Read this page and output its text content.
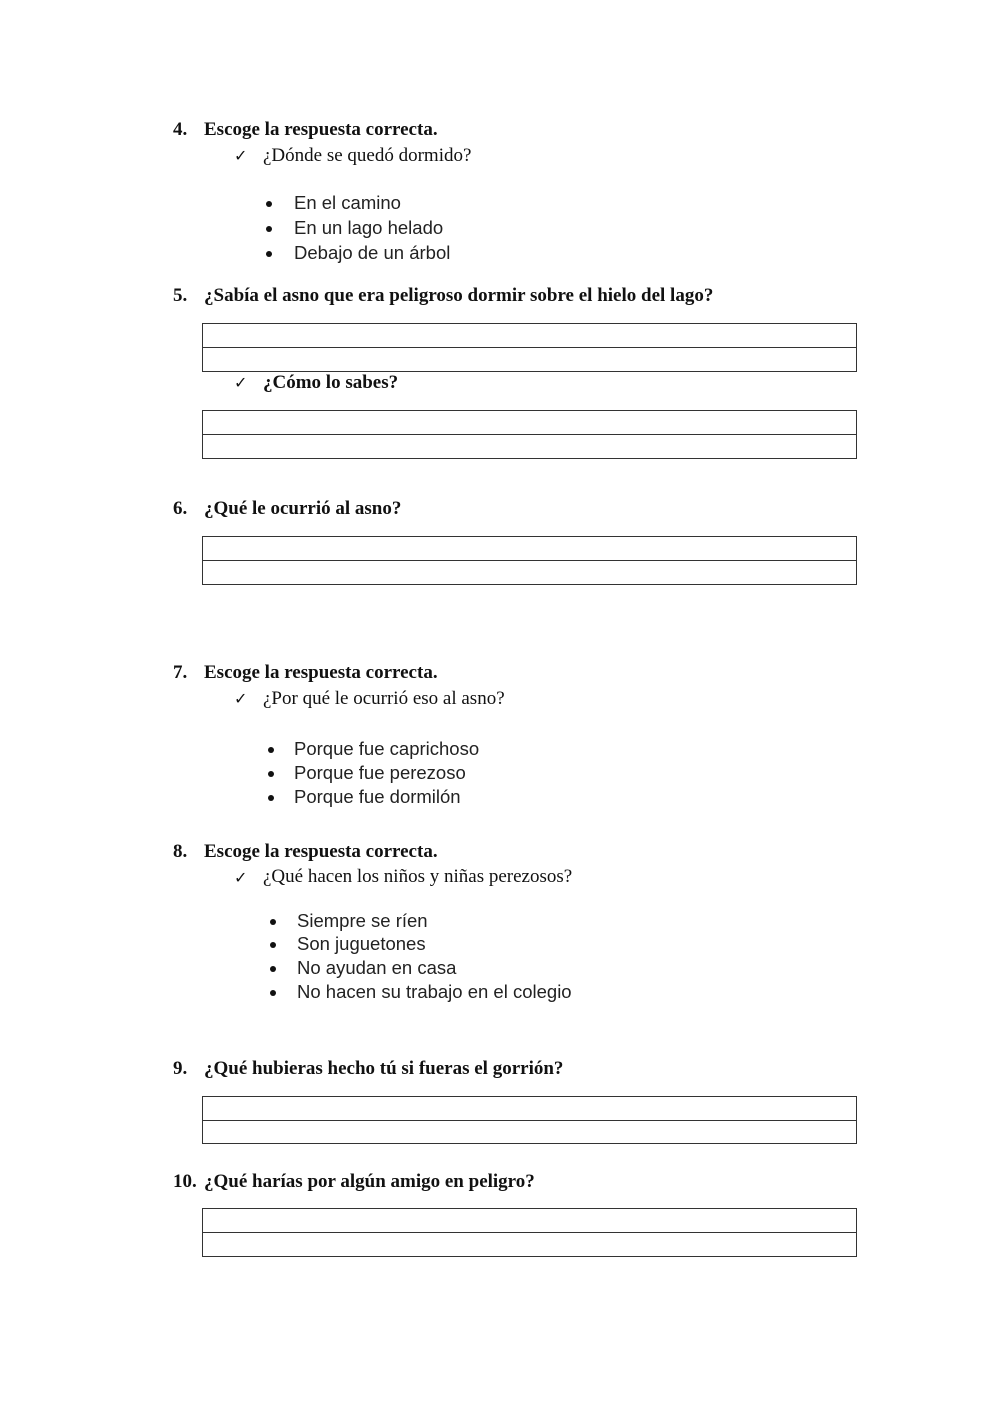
4. Escoge la respuesta correcta.
✓ ¿Dónde se quedó dormido?
En el camino
En un lago helado
Debajo de un árbol
5. ¿Sabía el asno que era peligroso dormir sobre el hielo del lago?
✓ ¿Cómo lo sabes?
6. ¿Qué le ocurrió al asno?
7. Escoge la respuesta correcta.
✓ ¿Por qué le ocurrió eso al asno?
Porque fue caprichoso
Porque fue perezoso
Porque fue dormilón
8. Escoge la respuesta correcta.
✓ ¿Qué hacen los niños y niñas perezosos?
Siempre se ríen
Son juguetones
No ayudan en casa
No hacen su trabajo en el colegio
9. ¿Qué hubieras hecho tú si fueras el gorrión?
10. ¿Qué harías por algún amigo en peligro?
